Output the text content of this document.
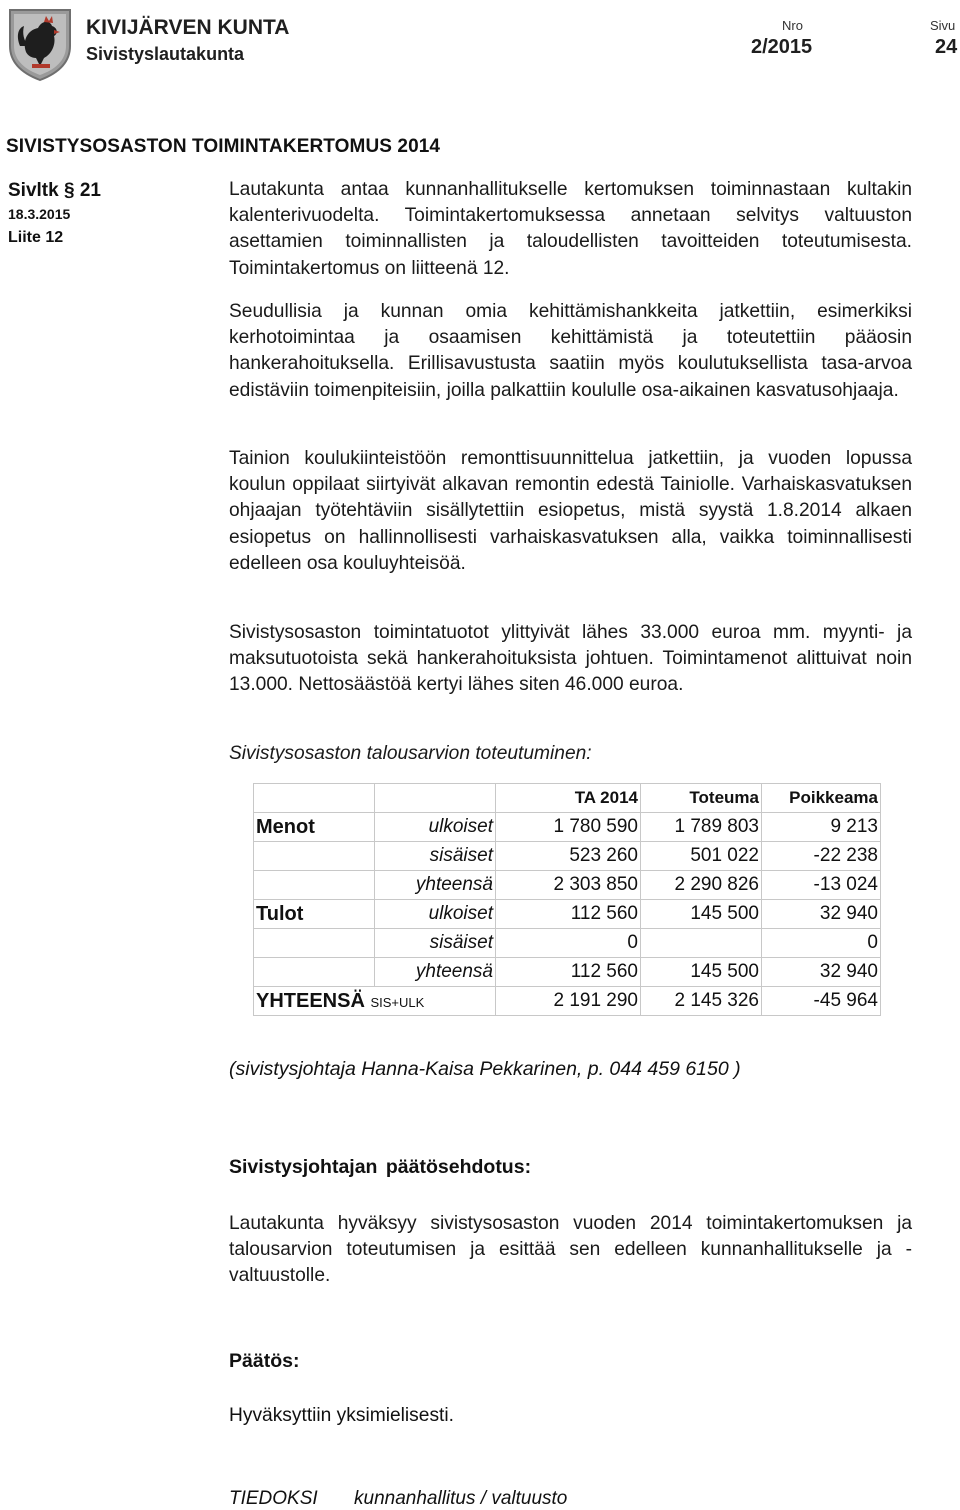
KIVIJÄRVEN KUNTA
Sivistyslautakunta
Nro
2/2015
Sivu
24
SIVISTYSOSASTON TOIMINTAKERTOMUS 2014
Sivltk § 21
18.3.2015
Liite 12
Lautakunta antaa kunnanhallitukselle kertomuksen toiminnastaan kultakin kalenterivuodelta. Toimintakertomuksessa annetaan selvitys valtuuston asettamien toiminnallisten ja taloudellisten tavoitteiden toteutumisesta. Toimintakertomus on liitteenä 12.
Seudullisia ja kunnan omia kehittämishankkeita jatkettiin, esimerkiksi kerhotoimintaa ja osaamisen kehittämistä ja toteutettiin pääosin hankerahoituksella. Erillisavustusta saatiin myös koulutuksellista tasa-arvoa edistäviin toimenpiteisiin, joilla palkattiin koululle osa-aikainen kasvatusohjaaja.
Tainion koulukiinteistöön remonttisuunnittelua jatkettiin, ja vuoden lopussa koulun oppilaat siirtyivät alkavan remontin edestä Tainiolle. Varhaiskasvatuksen ohjaajan työtehtäviin sisällytettiin esiopetus, mistä syystä 1.8.2014 alkaen esiopetus on hallinnollisesti varhaiskasvatuksen alla, vaikka toiminnallisesti edelleen osa kouluyhteisöä.
Sivistysosaston toimintatuotot ylittyivät lähes 33.000 euroa mm. myynti- ja maksutuotoista sekä hankerahoituksista johtuen. Toimintamenot alittuivat noin 13.000. Nettosäästöä kertyi lähes siten 46.000 euroa.
Sivistysosaston talousarvion toteutuminen:
		TA 2014	Toteuma	Poikkeama
Menot	ulkoiset	1 780 590	1 789 803	9 213
	sisäiset	523 260	501 022	-22 238
	yhteensä	2 303 850	2 290 826	-13 024
Tulot	ulkoiset	112 560	145 500	32 940
	sisäiset	0		0
	yhteensä	112 560	145 500	32 940
YHTEENSÄ SIS+ULK		2 191 290	2 145 326	-45 964
(sivistysjohtaja Hanna-Kaisa Pekkarinen, p. 044 459 6150 )
Sivistysjohtajan päätösehdotus:
Lautakunta hyväksyy sivistysosaston vuoden 2014 toimintakertomuksen ja talousarvion toteutumisen ja esittää sen edelleen kunnanhallitukselle ja -valtuustolle.
Päätös:
Hyväksyttiin yksimielisesti.
TIEDOKSI kunnanhallitus / valtuusto
